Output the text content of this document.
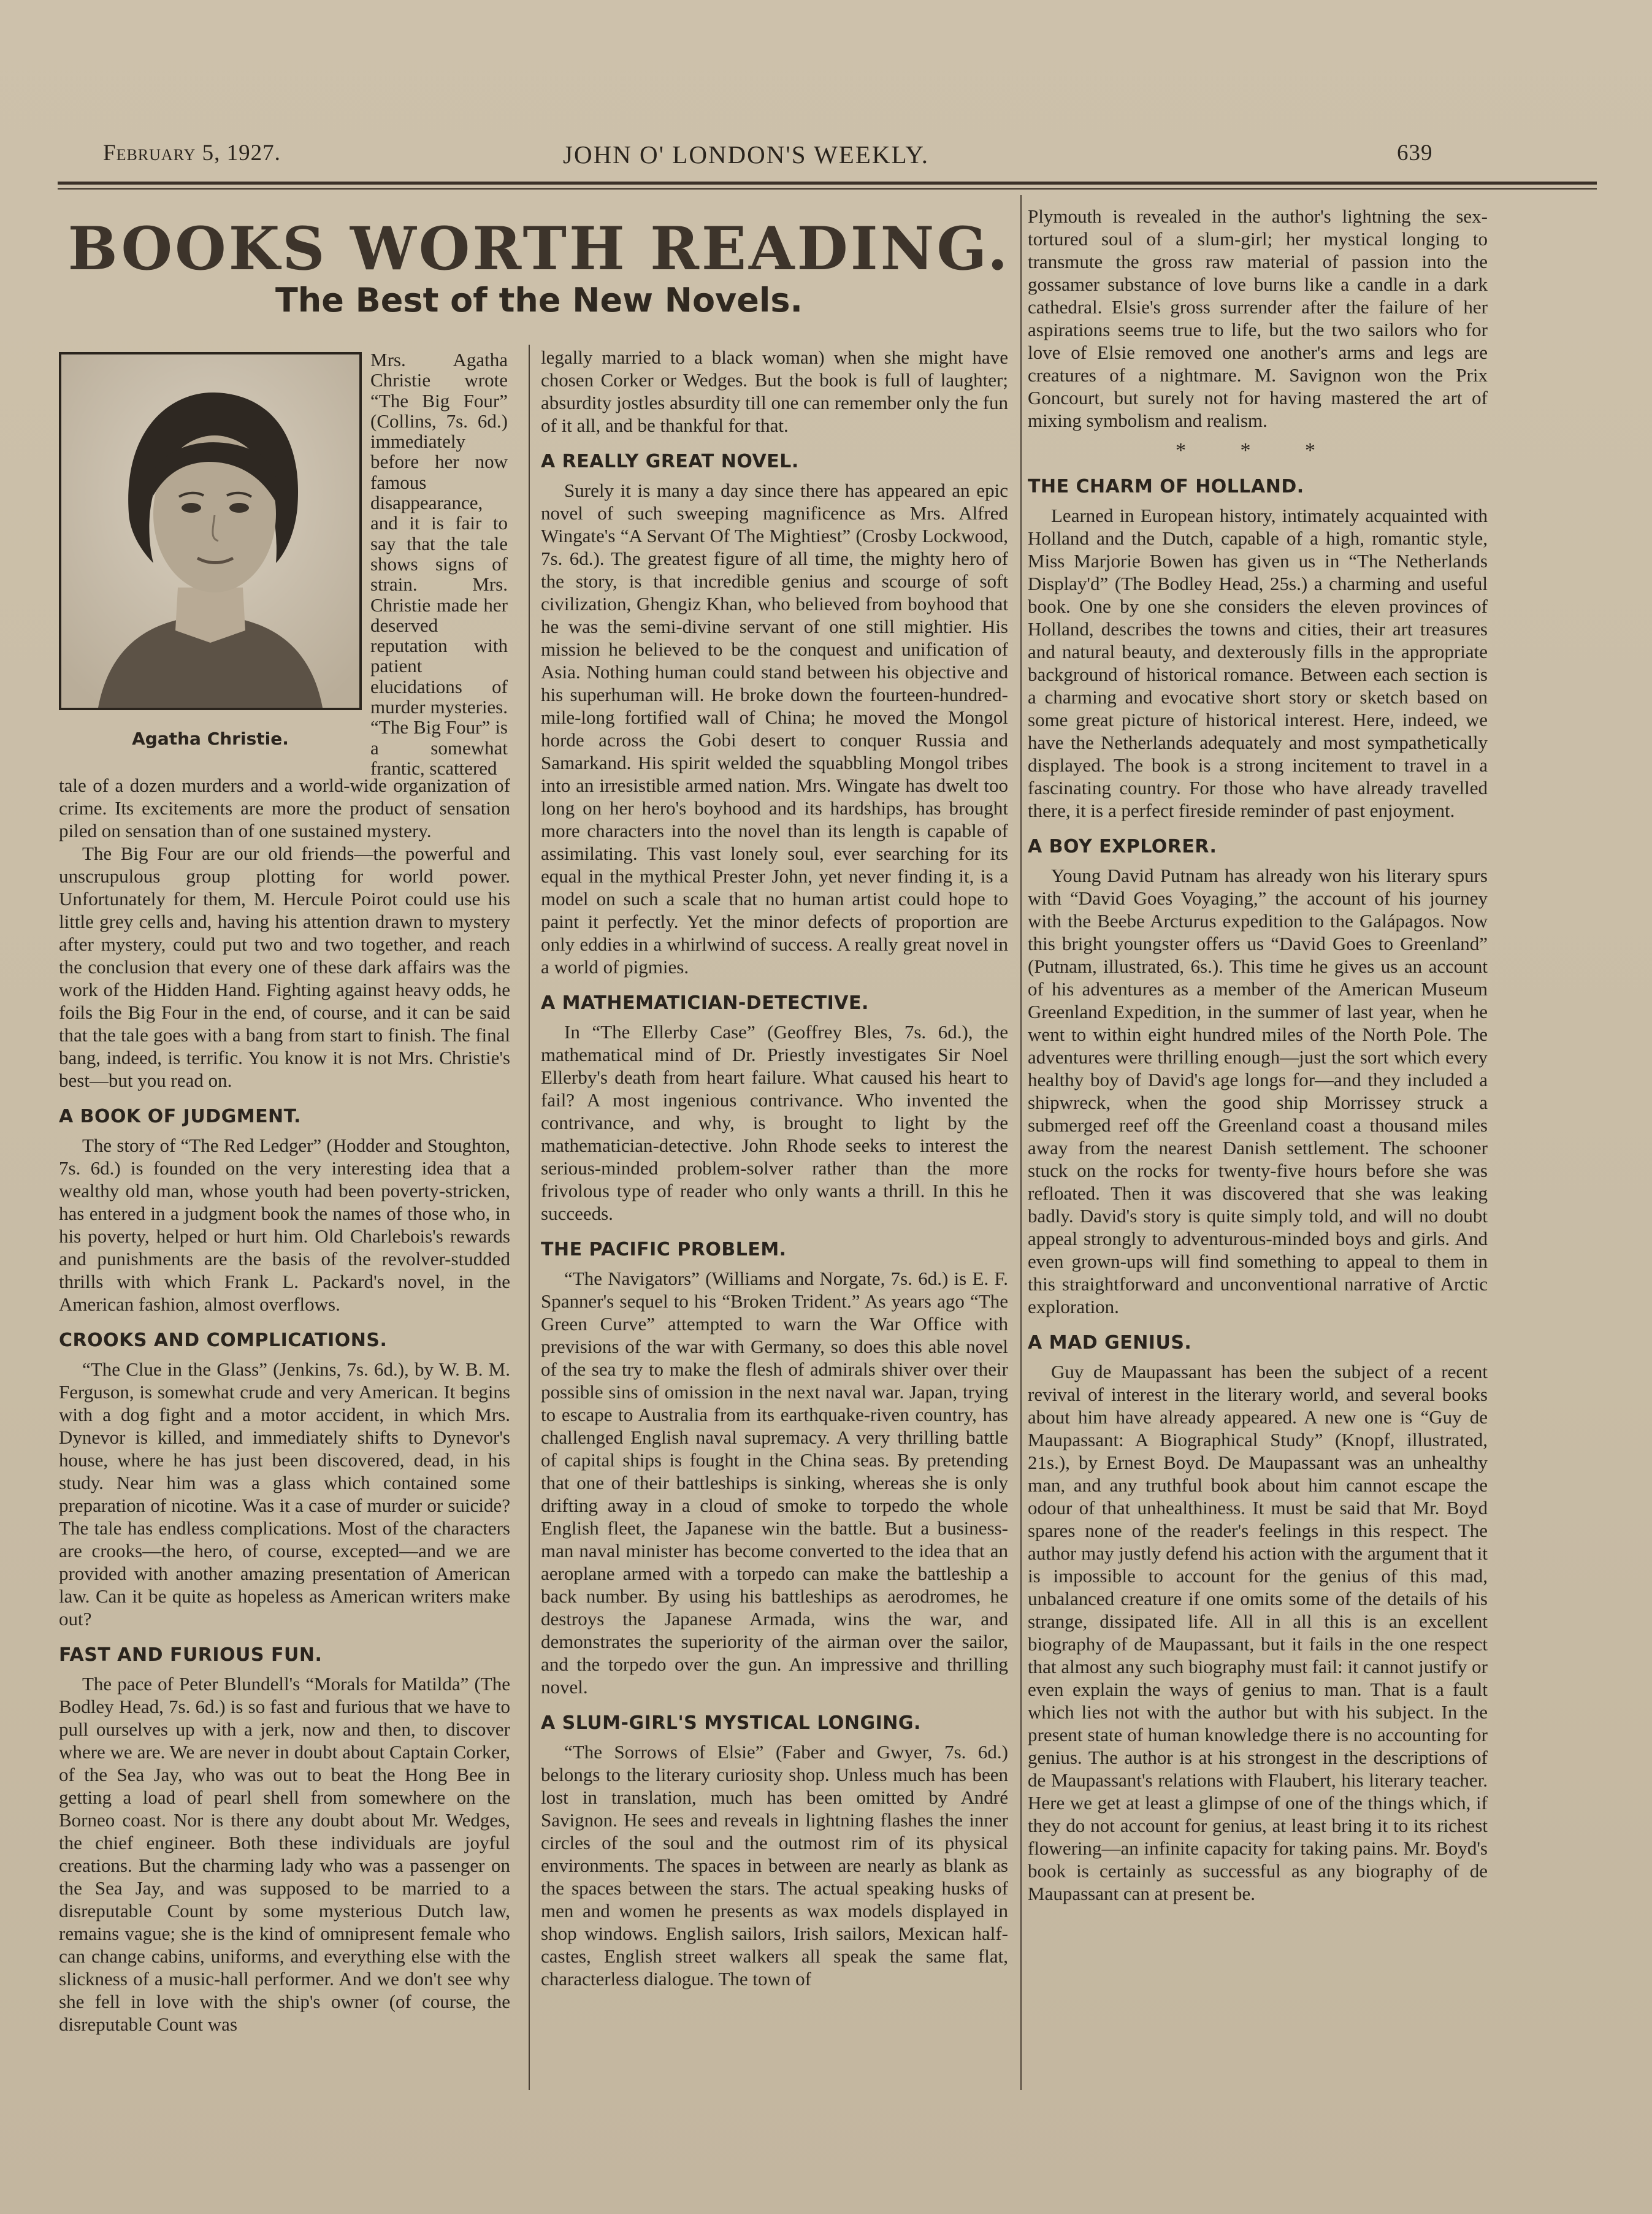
February 5, 1927.	JOHN O' LONDON'S WEEKLY.	639
BOOKS WORTH READING.
The Best of the New Novels.
Agatha Christie.

Mrs. Agatha Christie wrote “The Big Four” (Collins, 7s. 6d.) immediately before her now famous disappearance, and it is fair to say that the tale shows signs of strain. Mrs. Christie made her deserved reputation with patient elucidations of murder mysteries. “The Big Four” is a somewhat frantic, scattered

tale of a dozen murders and a world-wide organization of crime. Its excitements are more the product of sensation piled on sensation than of one sustained mystery.

The Big Four are our old friends—the powerful and unscrupulous group plotting for world power. Unfortunately for them, M. Hercule Poirot could use his little grey cells and, having his attention drawn to mystery after mystery, could put two and two together, and reach the conclusion that every one of these dark affairs was the work of the Hidden Hand. Fighting against heavy odds, he foils the Big Four in the end, of course, and it can be said that the tale goes with a bang from start to finish. The final bang, indeed, is terrific. You know it is not Mrs. Christie's best—but you read on.

A BOOK OF JUDGMENT.

The story of “The Red Ledger” (Hodder and Stoughton, 7s. 6d.) is founded on the very interesting idea that a wealthy old man, whose youth had been poverty-stricken, has entered in a judgment book the names of those who, in his poverty, helped or hurt him. Old Charlebois's rewards and punishments are the basis of the revolver-studded thrills with which Frank L. Packard's novel, in the American fashion, almost overflows.

CROOKS AND COMPLICATIONS.

“The Clue in the Glass” (Jenkins, 7s. 6d.), by W. B. M. Ferguson, is somewhat crude and very American. It begins with a dog fight and a motor accident, in which Mrs. Dynevor is killed, and immediately shifts to Dynevor's house, where he has just been discovered, dead, in his study. Near him was a glass which contained some preparation of nicotine. Was it a case of murder or suicide? The tale has endless complications. Most of the characters are crooks—the hero, of course, excepted—and we are provided with another amazing presentation of American law. Can it be quite as hopeless as American writers make out?

FAST AND FURIOUS FUN.

The pace of Peter Blundell's “Morals for Matilda” (The Bodley Head, 7s. 6d.) is so fast and furious that we have to pull ourselves up with a jerk, now and then, to discover where we are. We are never in doubt about Captain Corker, of the Sea Jay, who was out to beat the Hong Bee in getting a load of pearl shell from somewhere on the Borneo coast. Nor is there any doubt about Mr. Wedges, the chief engineer. Both these individuals are joyful creations. But the charming lady who was a passenger on the Sea Jay, and was supposed to be married to a disreputable Count by some mysterious Dutch law, remains vague; she is the kind of omnipresent female who can change cabins, uniforms, and everything else with the slickness of a music-hall performer. And we don't see why she fell in love with the ship's owner (of course, the disreputable Count was

legally married to a black woman) when she might have chosen Corker or Wedges. But the book is full of laughter; absurdity jostles absurdity till one can remember only the fun of it all, and be thankful for that.

A REALLY GREAT NOVEL.

Surely it is many a day since there has appeared an epic novel of such sweeping magnificence as Mrs. Alfred Wingate's “A Servant Of The Mightiest” (Crosby Lockwood, 7s. 6d.). The greatest figure of all time, the mighty hero of the story, is that incredible genius and scourge of soft civilization, Ghengiz Khan, who believed from boyhood that he was the semi-divine servant of one still mightier. His mission he believed to be the conquest and unification of Asia. Nothing human could stand between his objective and his superhuman will. He broke down the fourteen-hundred-mile-long fortified wall of China; he moved the Mongol horde across the Gobi desert to conquer Russia and Samarkand. His spirit welded the squabbling Mongol tribes into an irresistible armed nation. Mrs. Wingate has dwelt too long on her hero's boyhood and its hardships, has brought more characters into the novel than its length is capable of assimilating. This vast lonely soul, ever searching for its equal in the mythical Prester John, yet never finding it, is a model on such a scale that no human artist could hope to paint it perfectly. Yet the minor defects of proportion are only eddies in a whirlwind of success. A really great novel in a world of pigmies.

A MATHEMATICIAN-DETECTIVE.

In “The Ellerby Case” (Geoffrey Bles, 7s. 6d.), the mathematical mind of Dr. Priestly investigates Sir Noel Ellerby's death from heart failure. What caused his heart to fail? A most ingenious contrivance. Who invented the contrivance, and why, is brought to light by the mathematician-detective. John Rhode seeks to interest the serious-minded problem-solver rather than the more frivolous type of reader who only wants a thrill. In this he succeeds.

THE PACIFIC PROBLEM.

“The Navigators” (Williams and Norgate, 7s. 6d.) is E. F. Spanner's sequel to his “Broken Trident.” As years ago “The Green Curve” attempted to warn the War Office with previsions of the war with Germany, so does this able novel of the sea try to make the flesh of admirals shiver over their possible sins of omission in the next naval war. Japan, trying to escape to Australia from its earthquake-riven country, has challenged English naval supremacy. A very thrilling battle of capital ships is fought in the China seas. By pretending that one of their battleships is sinking, whereas she is only drifting away in a cloud of smoke to torpedo the whole English fleet, the Japanese win the battle. But a business-man naval minister has become converted to the idea that an aeroplane armed with a torpedo can make the battleship a back number. By using his battleships as aerodromes, he destroys the Japanese Armada, wins the war, and demonstrates the superiority of the airman over the sailor, and the torpedo over the gun. An impressive and thrilling novel.

A SLUM-GIRL'S MYSTICAL LONGING.

“The Sorrows of Elsie” (Faber and Gwyer, 7s. 6d.) belongs to the literary curiosity shop. Unless much has been lost in translation, much has been omitted by André Savignon. He sees and reveals in lightning flashes the inner circles of the soul and the outmost rim of its physical environments. The spaces in between are nearly as blank as the spaces between the stars. The actual speaking husks of men and women he presents as wax models displayed in shop windows. English sailors, Irish sailors, Mexican half-castes, English street walkers all speak the same flat, characterless dialogue. The town of

Plymouth is revealed in the author's lightning the sex-tortured soul of a slum-girl; her mystical longing to transmute the gross raw material of passion into the gossamer substance of love burns like a candle in a dark cathedral. Elsie's gross surrender after the failure of her aspirations seems true to life, but the two sailors who for love of Elsie removed one another's arms and legs are creatures of a nightmare. M. Savignon won the Prix Goncourt, but surely not for having mastered the art of mixing symbolism and realism.

* * *
THE CHARM OF HOLLAND.

Learned in European history, intimately acquainted with Holland and the Dutch, capable of a high, romantic style, Miss Marjorie Bowen has given us in “The Netherlands Display'd” (The Bodley Head, 25s.) a charming and useful book. One by one she considers the eleven provinces of Holland, describes the towns and cities, their art treasures and natural beauty, and dexterously fills in the appropriate background of historical romance. Between each section is a charming and evocative short story or sketch based on some great picture of historical interest. Here, indeed, we have the Netherlands adequately and most sympathetically displayed. The book is a strong incitement to travel in a fascinating country. For those who have already travelled there, it is a perfect fireside reminder of past enjoyment.

A BOY EXPLORER.

Young David Putnam has already won his literary spurs with “David Goes Voyaging,” the account of his journey with the Beebe Arcturus expedition to the Galápagos. Now this bright youngster offers us “David Goes to Greenland” (Putnam, illustrated, 6s.). This time he gives us an account of his adventures as a member of the American Museum Greenland Expedition, in the summer of last year, when he went to within eight hundred miles of the North Pole. The adventures were thrilling enough—just the sort which every healthy boy of David's age longs for—and they included a shipwreck, when the good ship Morrissey struck a submerged reef off the Greenland coast a thousand miles away from the nearest Danish settlement. The schooner stuck on the rocks for twenty-five hours before she was refloated. Then it was discovered that she was leaking badly. David's story is quite simply told, and will no doubt appeal strongly to adventurous-minded boys and girls. And even grown-ups will find something to appeal to them in this straightforward and unconventional narrative of Arctic exploration.

A MAD GENIUS.

Guy de Maupassant has been the subject of a recent revival of interest in the literary world, and several books about him have already appeared. A new one is “Guy de Maupassant: A Biographical Study” (Knopf, illustrated, 21s.), by Ernest Boyd. De Maupassant was an unhealthy man, and any truthful book about him cannot escape the odour of that unhealthiness. It must be said that Mr. Boyd spares none of the reader's feelings in this respect. The author may justly defend his action with the argument that it is impossible to account for the genius of this mad, unbalanced creature if one omits some of the details of his strange, dissipated life. All in all this is an excellent biography of de Maupassant, but it fails in the one respect that almost any such biography must fail: it cannot justify or even explain the ways of genius to man. That is a fault which lies not with the author but with his subject. In the present state of human knowledge there is no accounting for genius. The author is at his strongest in the descriptions of de Maupassant's relations with Flaubert, his literary teacher. Here we get at least a glimpse of one of the things which, if they do not account for genius, at least bring it to its richest flowering—an infinite capacity for taking pains. Mr. Boyd's book is certainly as successful as any biography of de Maupassant can at present be.
